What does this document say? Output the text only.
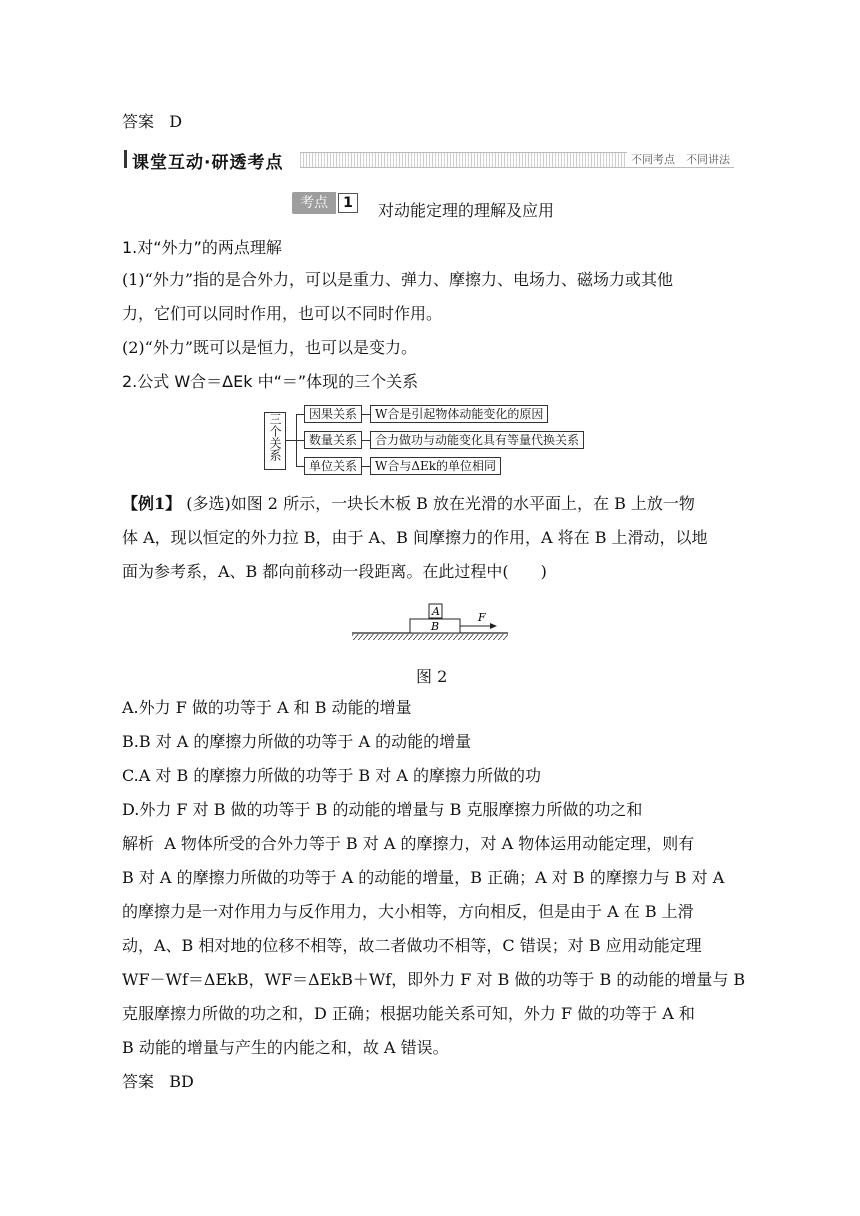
答案 D
课堂互动·研透考点	不同考点　不同讲法
考点	1	对动能定理的理解及应用
1.对“外力”的两点理解
(1)“外力”指的是合外力，可以是重力、弹力、摩擦力、电场力、磁场力或其他
力，它们可以同时作用，也可以不同时作用。
(2)“外力”既可以是恒力，也可以是变力。
2.公式 W合＝ΔEk 中“＝”体现的三个关系
三个关系	因果关系	W合是引起物体动能变化的原因
数量关系	合力做功与动能变化具有等量代换关系
单位关系	W合与ΔEk的单位相同
【例1】 (多选)如图 2 所示，一块长木板 B 放在光滑的水平面上，在 B 上放一物
体 A，现以恒定的外力拉 B，由于 A、B 间摩擦力的作用，A 将在 B 上滑动，以地
面为参考系，A、B 都向前移动一段距离。在此过程中(　　)
A
B
F
图 2
A.外力 F 做的功等于 A 和 B 动能的增量
B.B 对 A 的摩擦力所做的功等于 A 的动能的增量
C.A 对 B 的摩擦力所做的功等于 B 对 A 的摩擦力所做的功
D.外力 F 对 B 做的功等于 B 的动能的增量与 B 克服摩擦力所做的功之和
解析 A 物体所受的合外力等于 B 对 A 的摩擦力，对 A 物体运用动能定理，则有
B 对 A 的摩擦力所做的功等于 A 的动能的增量，B 正确；A 对 B 的摩擦力与 B 对 A
的摩擦力是一对作用力与反作用力，大小相等，方向相反，但是由于 A 在 B 上滑
动，A、B 相对地的位移不相等，故二者做功不相等，C 错误；对 B 应用动能定理
WF－Wf＝ΔEkB，WF＝ΔEkB＋Wf，即外力 F 对 B 做的功等于 B 的动能的增量与 B
克服摩擦力所做的功之和，D 正确；根据功能关系可知，外力 F 做的功等于 A 和
B 动能的增量与产生的内能之和，故 A 错误。
答案 BD
